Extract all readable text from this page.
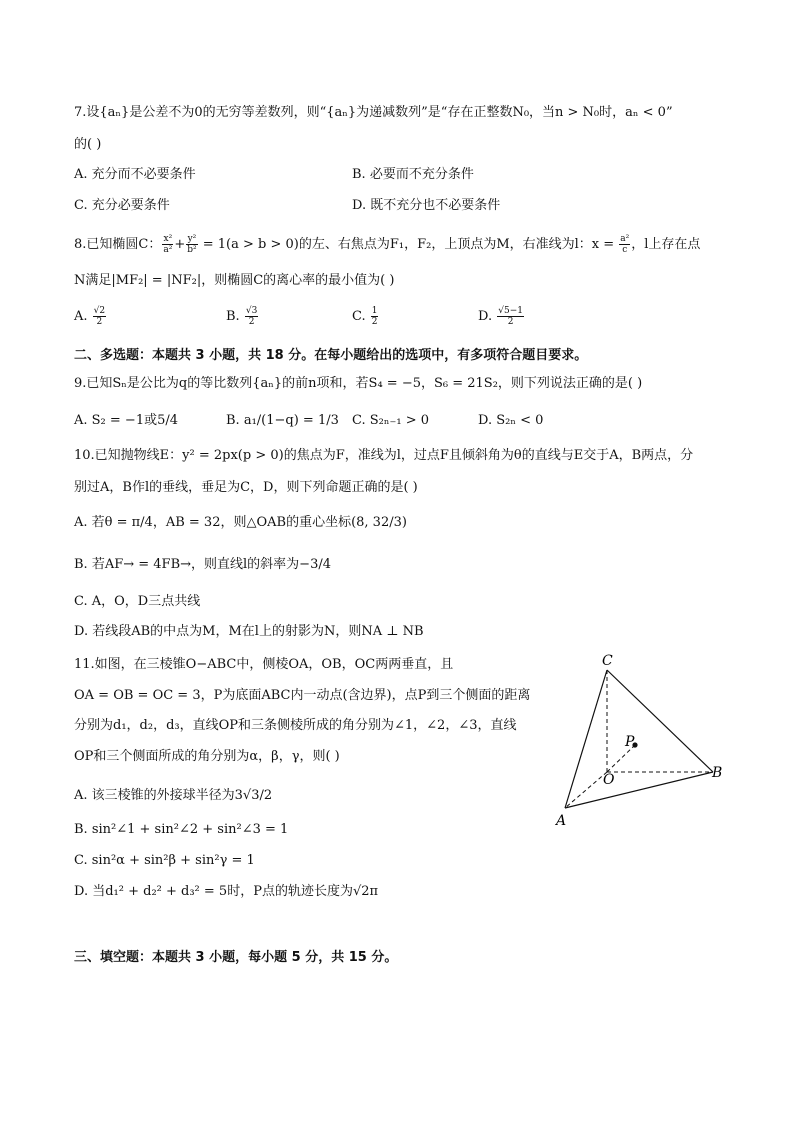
7.设{aₙ}是公差不为0的无穷等差数列，则“{aₙ}为递减数列”是“存在正整数N₀，当n > N₀时，aₙ < 0”
的( )
A. 充分而不必要条件	B. 必要而不充分条件
C. 充分必要条件	D. 既不充分也不必要条件
8.已知椭圆C： $\frac{\text{x²}}{\text{a²}} + \frac{\text{y²}}{\text{b²}} = 1(a > b > 0)$的左、右焦点为F₁，F₂，上顶点为M，右准线为l：$x = \frac{\text{a²}}{c}$ ，l上存在点
N满足|MF₂| = |NF₂|，则椭圆C的离心率的最小值为( )
A. $\frac{√2}{2}$	B. $\frac{√3}{2}$	C. $\frac{1}{2}$	D. $\frac{√5-1}{2}$
二、多选题：本题共 3 小题，共 18 分。在每小题给出的选项中，有多项符合题目要求。
9.已知Sₙ是公比为q的等比数列{aₙ}的前n项和，若S₄ = −5，S₆ = 21S₂，则下列说法正确的是( )
A. S₂ = −1或5/4	B. a₁/(1−q) = 1/3 C. S₂ₙ₋₁ > 0	D. S₂ₙ < 0
10.已知抛物线E：y² = 2px(p > 0)的焦点为F，准线为l，过点F且倾斜角为θ的直线与E交于A，B两点，分
别过A，B作l的垂线，垂足为C，D，则下列命题正确的是( )
A. 若θ = π/4，AB = 32，则△OAB的重心坐标(8, 32/3)
B. 若AF→ = 4FB→，则直线l的斜率为−3/4
C. A，O，D三点共线
D. 若线段AB的中点为M，M在l上的射影为N，则NA ⊥ NB
11.如图，在三棱锥O−ABC中，侧棱OA，OB，OC两两垂直，且
OA = OB = OC = 3，P为底面ABC内一动点(含边界)，点P到三个侧面的距离
分别为d₁，d₂，d₃，直线OP和三条侧棱所成的角分别为∠1，∠2，∠3，直线
OP和三个侧面所成的角分别为α，β，γ，则( )
A. 该三棱锥的外接球半径为3√3/2
B. sin²∠1 + sin²∠2 + sin²∠3 = 1
C. sin²α + sin²β + sin²γ = 1
D. 当d₁² + d₂² + d₃² = 5时，P点的轨迹长度为√2π
C
P
O	B
A
三、填空题：本题共 3 小题，每小题 5 分，共 15 分。
